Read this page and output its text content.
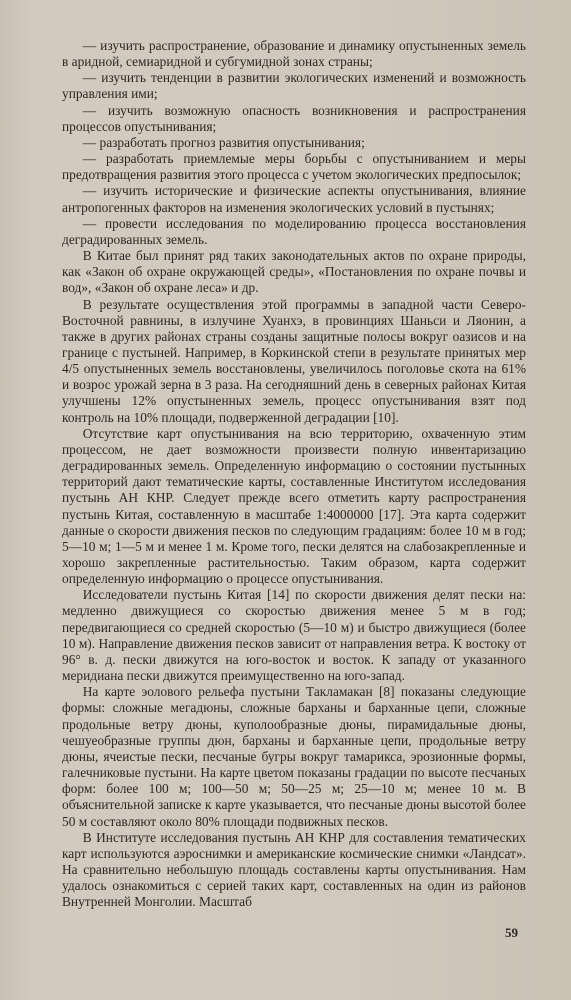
— изучить распространение, образование и динамику опустыненных земель в аридной, семиаридной и субгумидной зонах страны;

— изучить тенденции в развитии экологических изменений и возможность управления ими;

— изучить возможную опасность возникновения и распространения процессов опустынивания;

— разработать прогноз развития опустынивания;

— разработать приемлемые меры борьбы с опустыниванием и меры предотвращения развития этого процесса с учетом экологических предпосылок;

— изучить исторические и физические аспекты опустынивания, влияние антропогенных факторов на изменения экологических условий в пустынях;

— провести исследования по моделированию процесса восстановления деградированных земель.

В Китае был принят ряд таких законодательных актов по охране природы, как «Закон об охране окружающей среды», «Постановления по охране почвы и вод», «Закон об охране леса» и др.

В результате осуществления этой программы в западной части Северо-Восточной равнины, в излучине Хуанхэ, в провинциях Шаньси и Ляонин, а также в других районах страны созданы защитные полосы вокруг оазисов и на границе с пустыней. Например, в Коркинской степи в результате принятых мер 4/5 опустыненных земель восстановлены, увеличилось поголовье скота на 61% и возрос урожай зерна в 3 раза. На сегодняшний день в северных районах Китая улучшены 12% опустыненных земель, процесс опустынивания взят под контроль на 10% площади, подверженной деградации [10].

Отсутствие карт опустынивания на всю территорию, охваченную этим процессом, не дает возможности произвести полную инвентаризацию деградированных земель. Определенную информацию о состоянии пустынных территорий дают тематические карты, составленные Институтом исследования пустынь АН КНР. Следует прежде всего отметить карту распространения пустынь Китая, составленную в масштабе 1:4000000 [17]. Эта карта содержит данные о скорости движения песков по следующим градациям: более 10 м в год; 5—10 м; 1—5 м и менее 1 м. Кроме того, пески делятся на слабозакрепленные и хорошо закрепленные растительностью. Таким образом, карта содержит определенную информацию о процессе опустынивания.

Исследователи пустынь Китая [14] по скорости движения делят пески на: медленно движущиеся со скоростью движения менее 5 м в год; передвигающиеся со средней скоростью (5—10 м) и быстро движущиеся (более 10 м). Направление движения песков зависит от направления ветра. К востоку от 96° в. д. пески движутся на юго-восток и восток. К западу от указанного меридиана пески движутся преимущественно на юго-запад.

На карте эолового рельефа пустыни Такламакан [8] показаны следующие формы: сложные мегадюны, сложные барханы и барханные цепи, сложные продольные ветру дюны, куполообразные дюны, пирамидальные дюны, чешуеобразные группы дюн, барханы и барханные цепи, продольные ветру дюны, ячеистые пески, песчаные бугры вокруг тамарикса, эрозионные формы, галечниковые пустыни. На карте цветом показаны градации по высоте песчаных форм: более 100 м; 100—50 м; 50—25 м; 25—10 м; менее 10 м. В объяснительной записке к карте указывается, что песчаные дюны высотой более 50 м составляют около 80% площади подвижных песков.

В Институте исследования пустынь АН КНР для составления тематических карт используются аэроснимки и американские космические снимки «Ландсат». На сравнительно небольшую площадь составлены карты опустынивания. Нам удалось ознакомиться с серией таких карт, составленных на один из районов Внутренней Монголии. Масштаб

59
